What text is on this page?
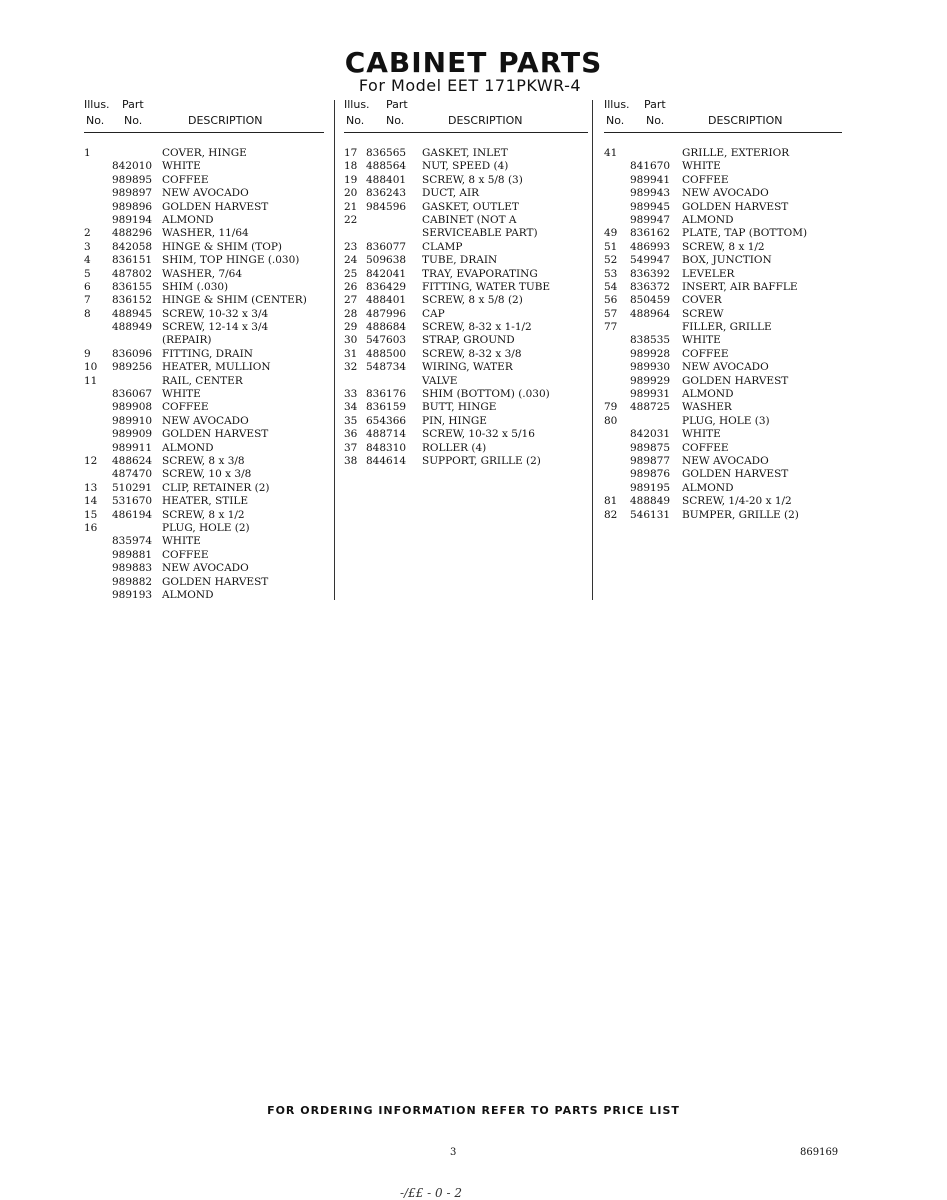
CABINET PARTS
For Model EET 171PKWR-4
Illus. Part
No. No.	DESCRIPTION
1	COVER, HINGE
842010 WHITE
989895 COFFEE
989897 NEW AVOCADO
989896 GOLDEN HARVEST
989194 ALMOND
2 488296 WASHER, 11/64
3 842058 HINGE & SHIM (TOP)
4 836151 SHIM, TOP HINGE (.030)
5 487802 WASHER, 7/64
6 836155 SHIM (.030)
7 836152 HINGE & SHIM (CENTER)
8 488945 SCREW, 10-32 x 3/4
488949 SCREW, 12-14 x 3/4
(REPAIR)
9 836096 FITTING, DRAIN
10 989256 HEATER, MULLION
11	RAIL, CENTER
836067 WHITE
989908 COFFEE
989910 NEW AVOCADO
989909 GOLDEN HARVEST
989911 ALMOND
12 488624 SCREW, 8 x 3/8
487470 SCREW, 10 x 3/8
13 510291 CLIP, RETAINER (2)
14 531670 HEATER, STILE
15 486194 SCREW, 8 x 1/2
16	PLUG, HOLE (2)
835974 WHITE
989881 COFFEE
989883 NEW AVOCADO
989882 GOLDEN HARVEST
989193 ALMOND
Illus. Part
No. No.	DESCRIPTION
17 836565 GASKET, INLET
18 488564 NUT, SPEED (4)
19 488401 SCREW, 8 x 5/8 (3)
20 836243 DUCT, AIR
21 984596 GASKET, OUTLET
22	CABINET (NOT A
SERVICEABLE PART)
23 836077 CLAMP
24 509638 TUBE, DRAIN
25 842041 TRAY, EVAPORATING
26 836429 FITTING, WATER TUBE
27 488401 SCREW, 8 x 5/8 (2)
28 487996 CAP
29 488684 SCREW, 8-32 x 1-1/2
30 547603 STRAP, GROUND
31 488500 SCREW, 8-32 x 3/8
32 548734 WIRING, WATER
VALVE
33 836176 SHIM (BOTTOM) (.030)
34 836159 BUTT, HINGE
35 654366 PIN, HINGE
36 488714 SCREW, 10-32 x 5/16
37 848310 ROLLER (4)
38 844614 SUPPORT, GRILLE (2)
Illus. Part
No. No.	DESCRIPTION
41	GRILLE, EXTERIOR
841670 WHITE
989941 COFFEE
989943 NEW AVOCADO
989945 GOLDEN HARVEST
989947 ALMOND
49 836162 PLATE, TAP (BOTTOM)
51 486993 SCREW, 8 x 1/2
52 549947 BOX, JUNCTION
53 836392 LEVELER
54 836372 INSERT, AIR BAFFLE
56 850459 COVER
57 488964 SCREW
77	FILLER, GRILLE
838535 WHITE
989928 COFFEE
989930 NEW AVOCADO
989929 GOLDEN HARVEST
989931 ALMOND
79 488725 WASHER
80	PLUG, HOLE (3)
842031 WHITE
989875 COFFEE
989877 NEW AVOCADO
989876 GOLDEN HARVEST
989195 ALMOND
81 488849 SCREW, 1/4-20 x 1/2
82 546131 BUMPER, GRILLE (2)
FOR ORDERING INFORMATION REFER TO PARTS PRICE LIST
3	869169
-/££ - 0 - 2
